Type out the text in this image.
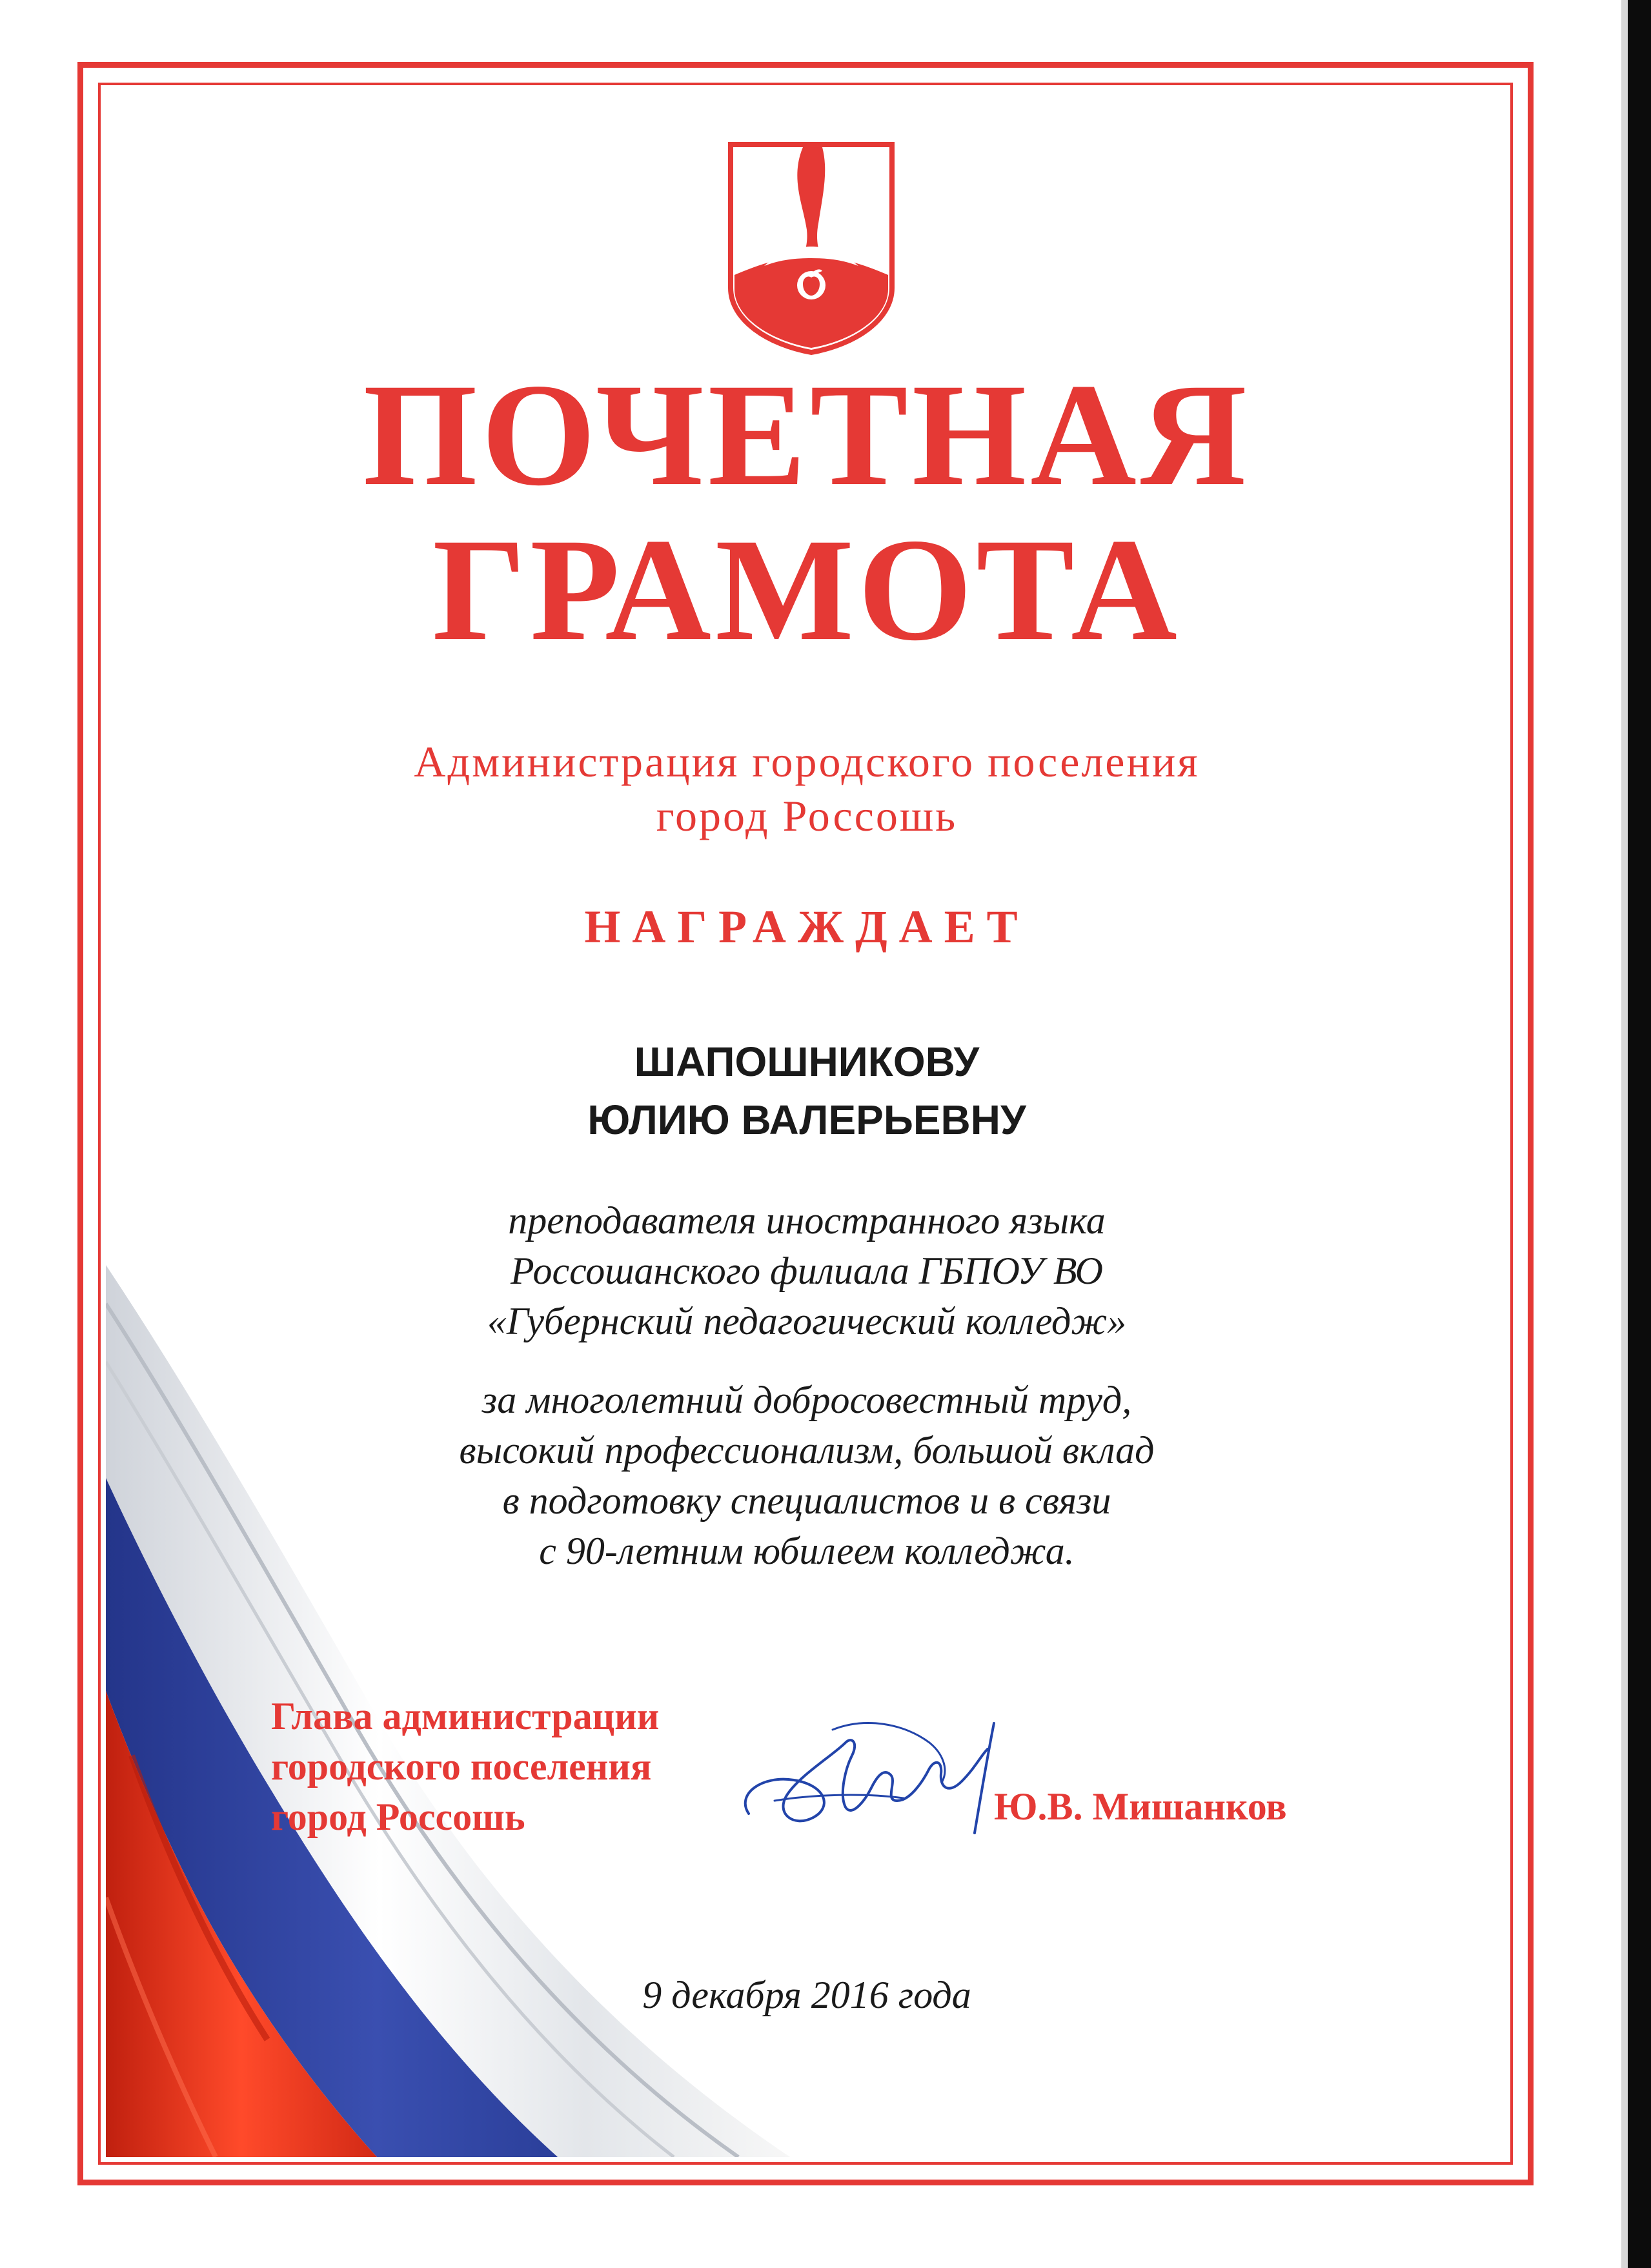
ПОЧЕТНАЯ
ГРАМОТА
Администрация городского поселения
город Россошь
НАГРАЖДАЕТ
ШАПОШНИКОВУ
ЮЛИЮ ВАЛЕРЬЕВНУ
преподавателя иностранного языка
Россошанского филиала ГБПОУ ВО
«Губернский педагогический колледж»
за многолетний добросовестный труд,
высокий профессионализм, большой вклад
в подготовку специалистов и в связи
с 90-летним юбилеем колледжа.
Глава администрации
городского поселения
город Россошь	Ю.В. Мишанков
9 декабря 2016 года
